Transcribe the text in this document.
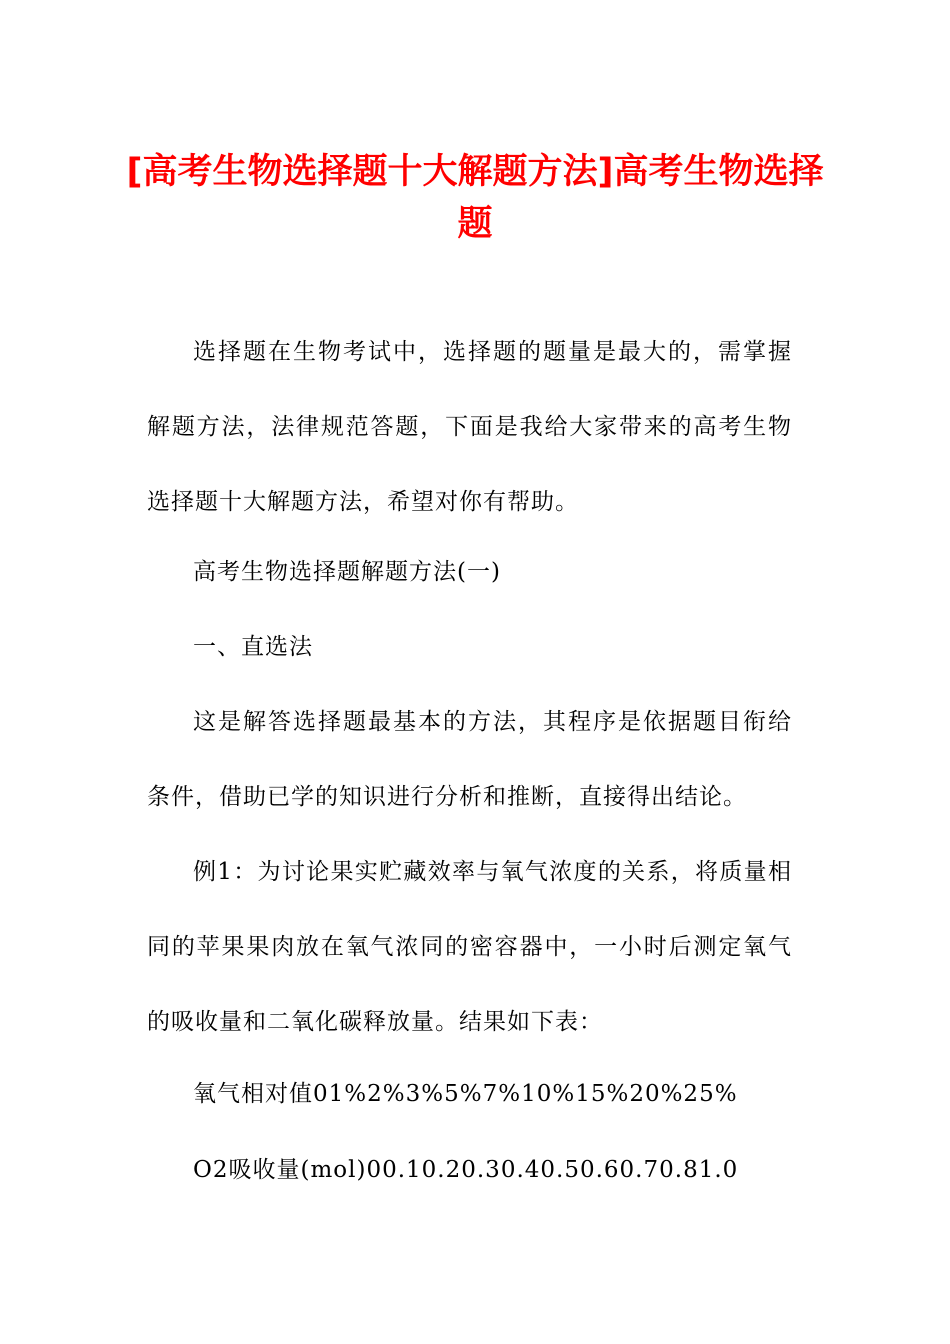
[高考生物选择题十大解题方法]高考生物选择题

选择题在生物考试中，选择题的题量是最大的，需掌握解题方法，法律规范答题，下面是我给大家带来的高考生物选择题十大解题方法，希望对你有帮助。

高考生物选择题解题方法(一)

一、直选法

这是解答选择题最基本的方法，其程序是依据题目衔给条件，借助已学的知识进行分析和推断，直接得出结论。

例1：为讨论果实贮藏效率与氧气浓度的关系，将质量相同的苹果果肉放在氧气浓同的密容器中，一小时后测定氧气的吸收量和二氧化碳释放量。结果如下表：

氧气相对值01%2%3%5%7%10%15%20%25%

O2吸收量(mol)00.10.20.30.40.50.60.70.81.0
